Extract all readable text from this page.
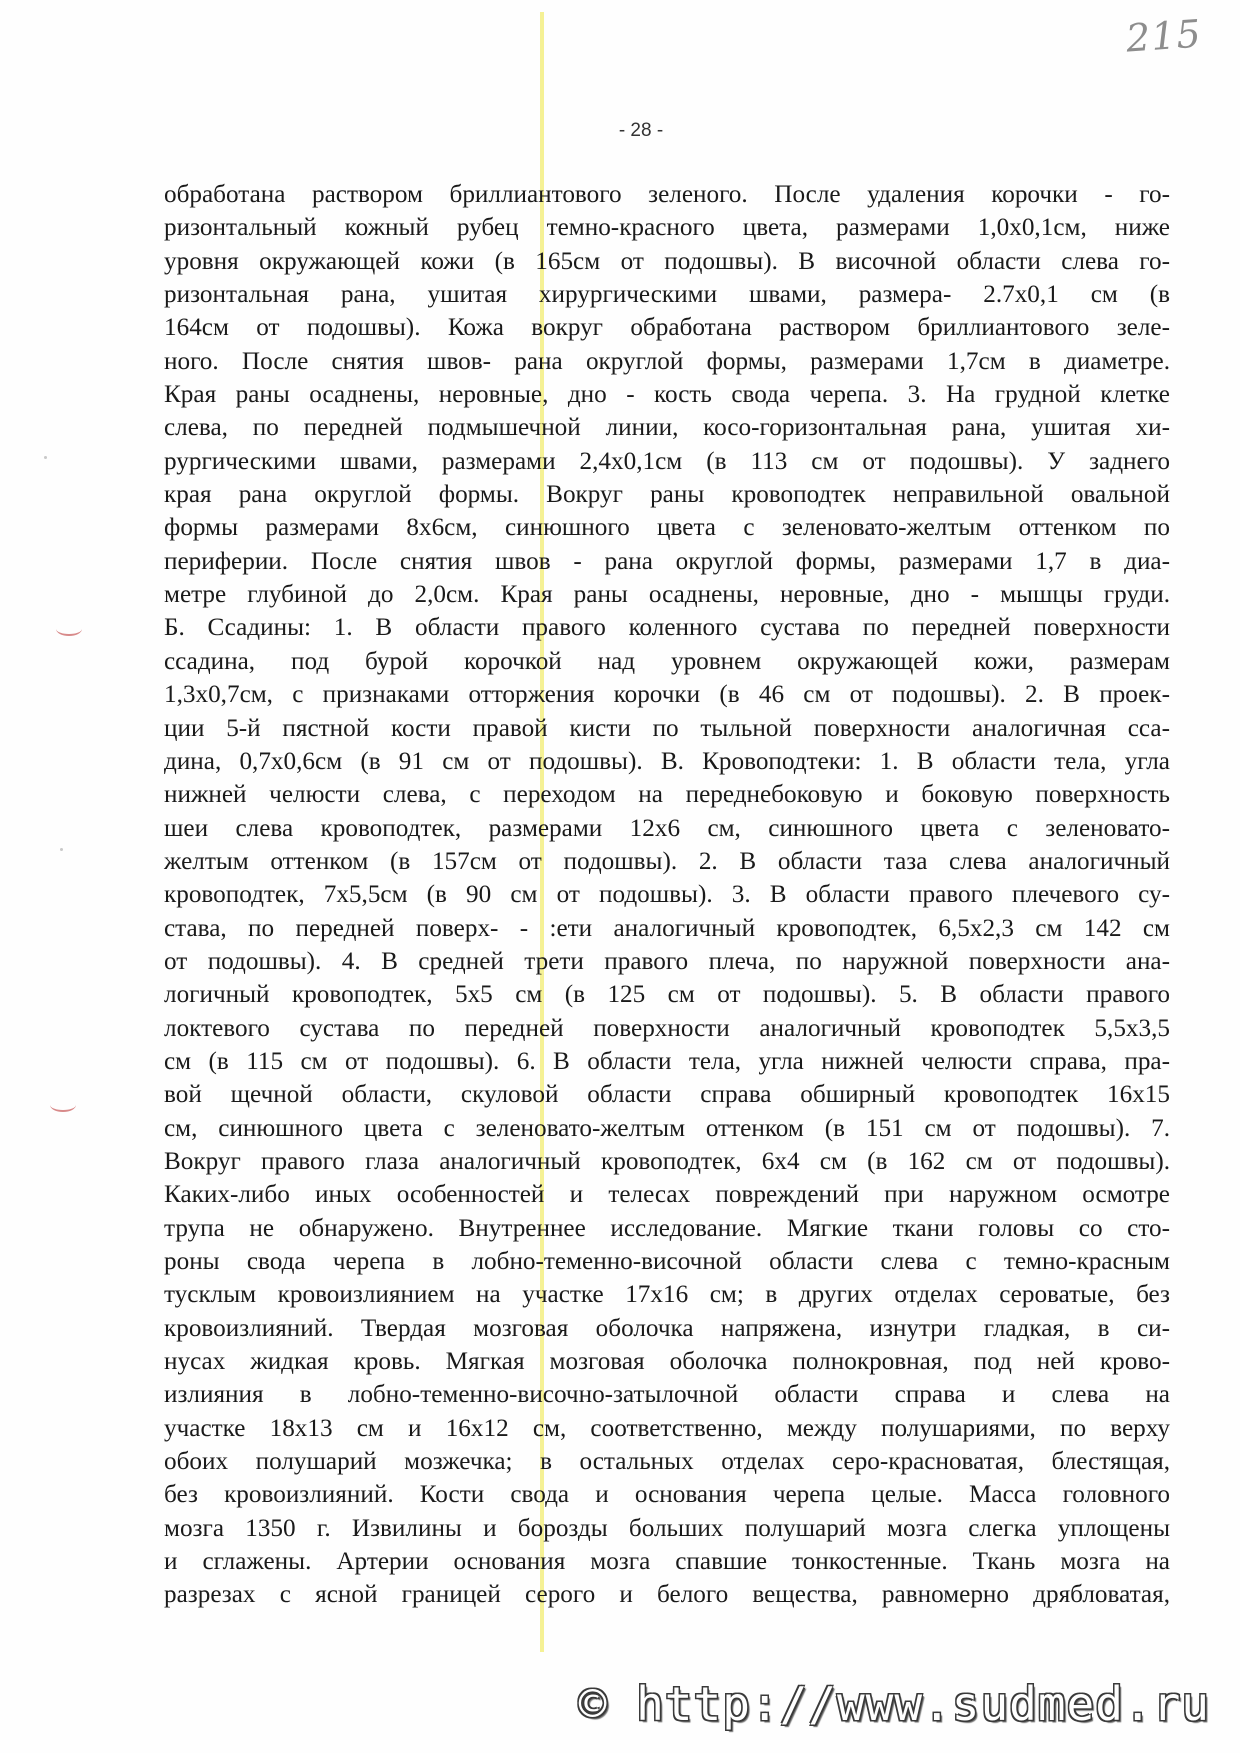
215
- 28 -
обработана раствором бриллиантового зеленого. После удаления корочки - го-
ризонтальный кожный рубец темно-красного цвета, размерами 1,0х0,1см, ниже
уровня окружающей кожи (в 165см от подошвы). В височной области слева го-
ризонтальная рана, ушитая хирургическими швами, размера- 2.7х0,1 см (в
164см от подошвы). Кожа вокруг обработана раствором бриллиантового зеле-
ного. После снятия швов- рана округлой формы, размерами 1,7см в диаметре.
Края раны осаднены, неровные, дно - кость свода черепа. 3. На грудной клетке
слева, по передней подмышечной линии, косо-горизонтальная рана, ушитая хи-
рургическими швами, размерами 2,4х0,1см (в 113 см от подошвы). У заднего
края рана округлой формы. Вокруг раны кровоподтек неправильной овальной
формы размерами 8х6см, синюшного цвета с зеленовато-желтым оттенком по
периферии. После снятия швов - рана округлой формы, размерами 1,7 в диа-
метре глубиной до 2,0см. Края раны осаднены, неровные, дно - мышцы груди.
Б. Ссадины: 1. В области правого коленного сустава по передней поверхности
ссадина, под бурой корочкой над уровнем окружающей кожи, размерам
1,3х0,7см, с признаками отторжения корочки (в 46 см от подошвы). 2. В проек-
ции 5-й пястной кости правой кисти по тыльной поверхности аналогичная сса-
дина, 0,7х0,6см (в 91 см от подошвы). В. Кровоподтеки: 1. В области тела, угла
нижней челюсти слева, с переходом на переднебоковую и боковую поверхность
шеи слева кровоподтек, размерами 12х6 см, синюшного цвета с зеленовато-
желтым оттенком (в 157см от подошвы). 2. В области таза слева аналогичный
кровоподтек, 7х5,5см (в 90 см от подошвы). 3. В области правого плечевого су-
става, по передней поверх- - :ети аналогичный кровоподтек, 6,5х2,3 см 142 см
от подошвы). 4. В средней трети правого плеча, по наружной поверхности ана-
логичный кровоподтек, 5х5 см (в 125 см от подошвы). 5. В области правого
локтевого сустава по передней поверхности аналогичный кровоподтек 5,5х3,5
см (в 115 см от подошвы). 6. В области тела, угла нижней челюсти справа, пра-
вой щечной области, скуловой области справа обширный кровоподтек 16х15
см, синюшного цвета с зеленовато-желтым оттенком (в 151 см от подошвы). 7.
Вокруг правого глаза аналогичный кровоподтек, 6х4 см (в 162 см от подошвы).
Каких-либо иных особенностей и телесах повреждений при наружном осмотре
трупа не обнаружено. Внутреннее исследование. Мягкие ткани головы со сто-
роны свода черепа в лобно-теменно-височной области слева с темно-красным
тусклым кровоизлиянием на участке 17х16 см; в других отделах сероватые, без
кровоизлияний. Твердая мозговая оболочка напряжена, изнутри гладкая, в си-
нусах жидкая кровь. Мягкая мозговая оболочка полнокровная, под ней крово-
излияния в лобно-теменно-височно-затылочной области справа и слева на
участке 18х13 см и 16х12 см, соответственно, между полушариями, по верху
обоих полушарий мозжечка; в остальных отделах серо-красноватая, блестящая,
без кровоизлияний. Кости свода и основания черепа целые. Масса головного
мозга 1350 г. Извилины и борозды больших полушарий мозга слегка уплощены
и сглажены. Артерии основания мозга спавшие тонкостенные. Ткань мозга на
разрезах с ясной границей серого и белого вещества, равномерно дрябловатая,
© http://www.sudmed.ru
